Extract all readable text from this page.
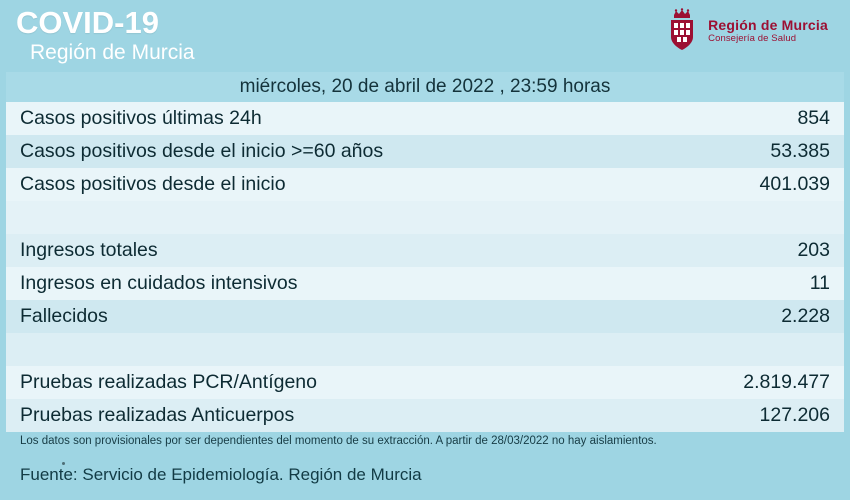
COVID-19
Región de Murcia
Región de Murcia
Consejería de Salud
miércoles, 20 de abril de 2022 , 23:59 horas	
Casos positivos últimas 24h	854
Casos positivos desde el inicio >=60 años	53.385
Casos positivos desde el inicio	401.039

Ingresos totales	203
Ingresos en cuidados intensivos	11
Fallecidos	2.228

Pruebas realizadas PCR/Antígeno	2.819.477
Pruebas realizadas Anticuerpos	127.206
Los datos son provisionales por ser dependientes del momento de su extracción. A partir de 28/03/2022 no hay aislamientos.
Fuente: Servicio de Epidemiología. Región de Murcia
